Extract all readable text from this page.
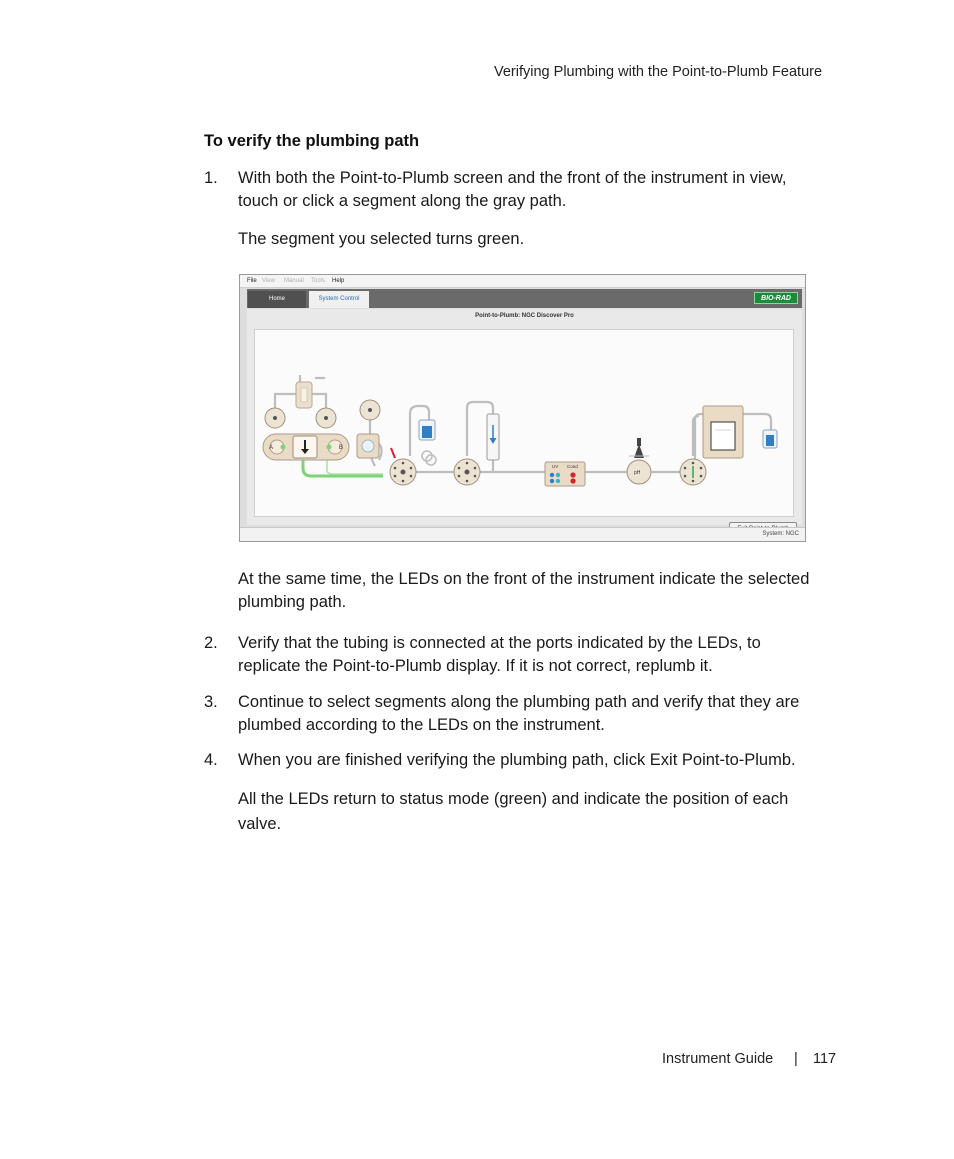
Verifying Plumbing with the Point-to-Plumb Feature
To verify the plumbing path
1.	With both the Point-to-Plumb screen and the front of the instrument in view,
touch or click a segment along the gray path.
The segment you selected turns green.
File View Manual Tools Help
Home	System Control	BIO-RAD
Point-to-Plumb: NGC Discover Pro
A	B
UV Cond
pH
System: NGC
At the same time, the LEDs on the front of the instrument indicate the selected
plumbing path.
2.	Verify that the tubing is connected at the ports indicated by the LEDs, to
replicate the Point-to-Plumb display. If it is not correct, replumb it.
3.	Continue to select segments along the plumbing path and verify that they are
plumbed according to the LEDs on the instrument.
4.	When you are finished verifying the plumbing path, click Exit Point-to-Plumb.
All the LEDs return to status mode (green) and indicate the position of each
valve.
Instrument Guide | 117
